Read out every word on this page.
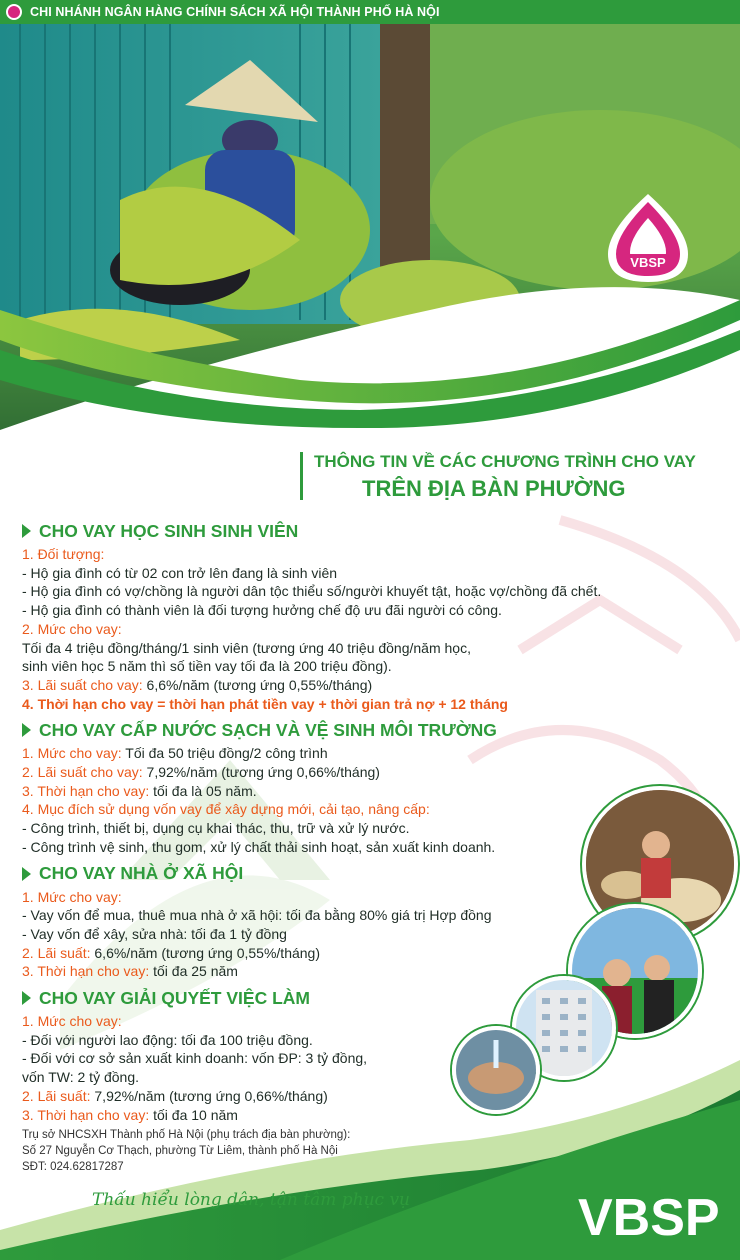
CHI NHÁNH NGÂN HÀNG CHÍNH SÁCH XÃ HỘI THÀNH PHỐ HÀ NỘI
VBSP
THÔNG TIN VỀ CÁC CHƯƠNG TRÌNH CHO VAY
TRÊN ĐỊA BÀN PHƯỜNG
CHO VAY HỌC SINH SINH VIÊN
1. Đối tượng:
- Hộ gia đình có từ 02 con trở lên đang là sinh viên
- Hộ gia đình có vợ/chồng là người dân tộc thiểu số/người khuyết tật, hoặc vợ/chồng đã chết.
- Hộ gia đình có thành viên là đối tượng hưởng chế độ ưu đãi người có công.
2. Mức cho vay:
Tối đa 4 triệu đồng/tháng/1 sinh viên (tương ứng 40 triệu đồng/năm học,
sinh viên học 5 năm thì số tiền vay tối đa là 200 triệu đồng).
3. Lãi suất cho vay: 6,6%/năm (tương ứng 0,55%/tháng)
4. Thời hạn cho vay = thời hạn phát tiền vay + thời gian trả nợ + 12 tháng
CHO VAY CẤP NƯỚC SẠCH VÀ VỆ SINH MÔI TRƯỜNG
1. Mức cho vay: Tối đa 50 triệu đồng/2 công trình
2. Lãi suất cho vay: 7,92%/năm (tương ứng 0,66%/tháng)
3. Thời hạn cho vay: tối đa là 05 năm.
4. Mục đích sử dụng vốn vay để xây dựng mới, cải tạo, nâng cấp:
- Công trình, thiết bị, dụng cụ khai thác, thu, trữ và xử lý nước.
- Công trình vệ sinh, thu gom, xử lý chất thải sinh hoạt, sản xuất kinh doanh.
CHO VAY NHÀ Ở XÃ HỘI
1. Mức cho vay:
- Vay vốn để mua, thuê mua nhà ở xã hội: tối đa bằng 80% giá trị Hợp đồng
- Vay vốn để xây, sửa nhà: tối đa 1 tỷ đồng
2. Lãi suất: 6,6%/năm (tương ứng 0,55%/tháng)
3. Thời hạn cho vay: tối đa 25 năm
CHO VAY GIẢI QUYẾT VIỆC LÀM
1. Mức cho vay:
- Đối với người lao động: tối đa 100 triệu đồng.
- Đối với cơ sở sản xuất kinh doanh: vốn ĐP: 3 tỷ đồng,
vốn TW: 2 tỷ đồng.
2. Lãi suất: 7,92%/năm (tương ứng 0,66%/tháng)
3. Thời hạn cho vay: tối đa 10 năm
Trụ sở NHCSXH Thành phố Hà Nội (phụ trách địa bàn phường):
Số 27 Nguyễn Cơ Thạch, phường Từ Liêm, thành phố Hà Nội
SĐT: 024.62817287
Thấu hiểu lòng dân, tận tâm phục vụ	VBSP
